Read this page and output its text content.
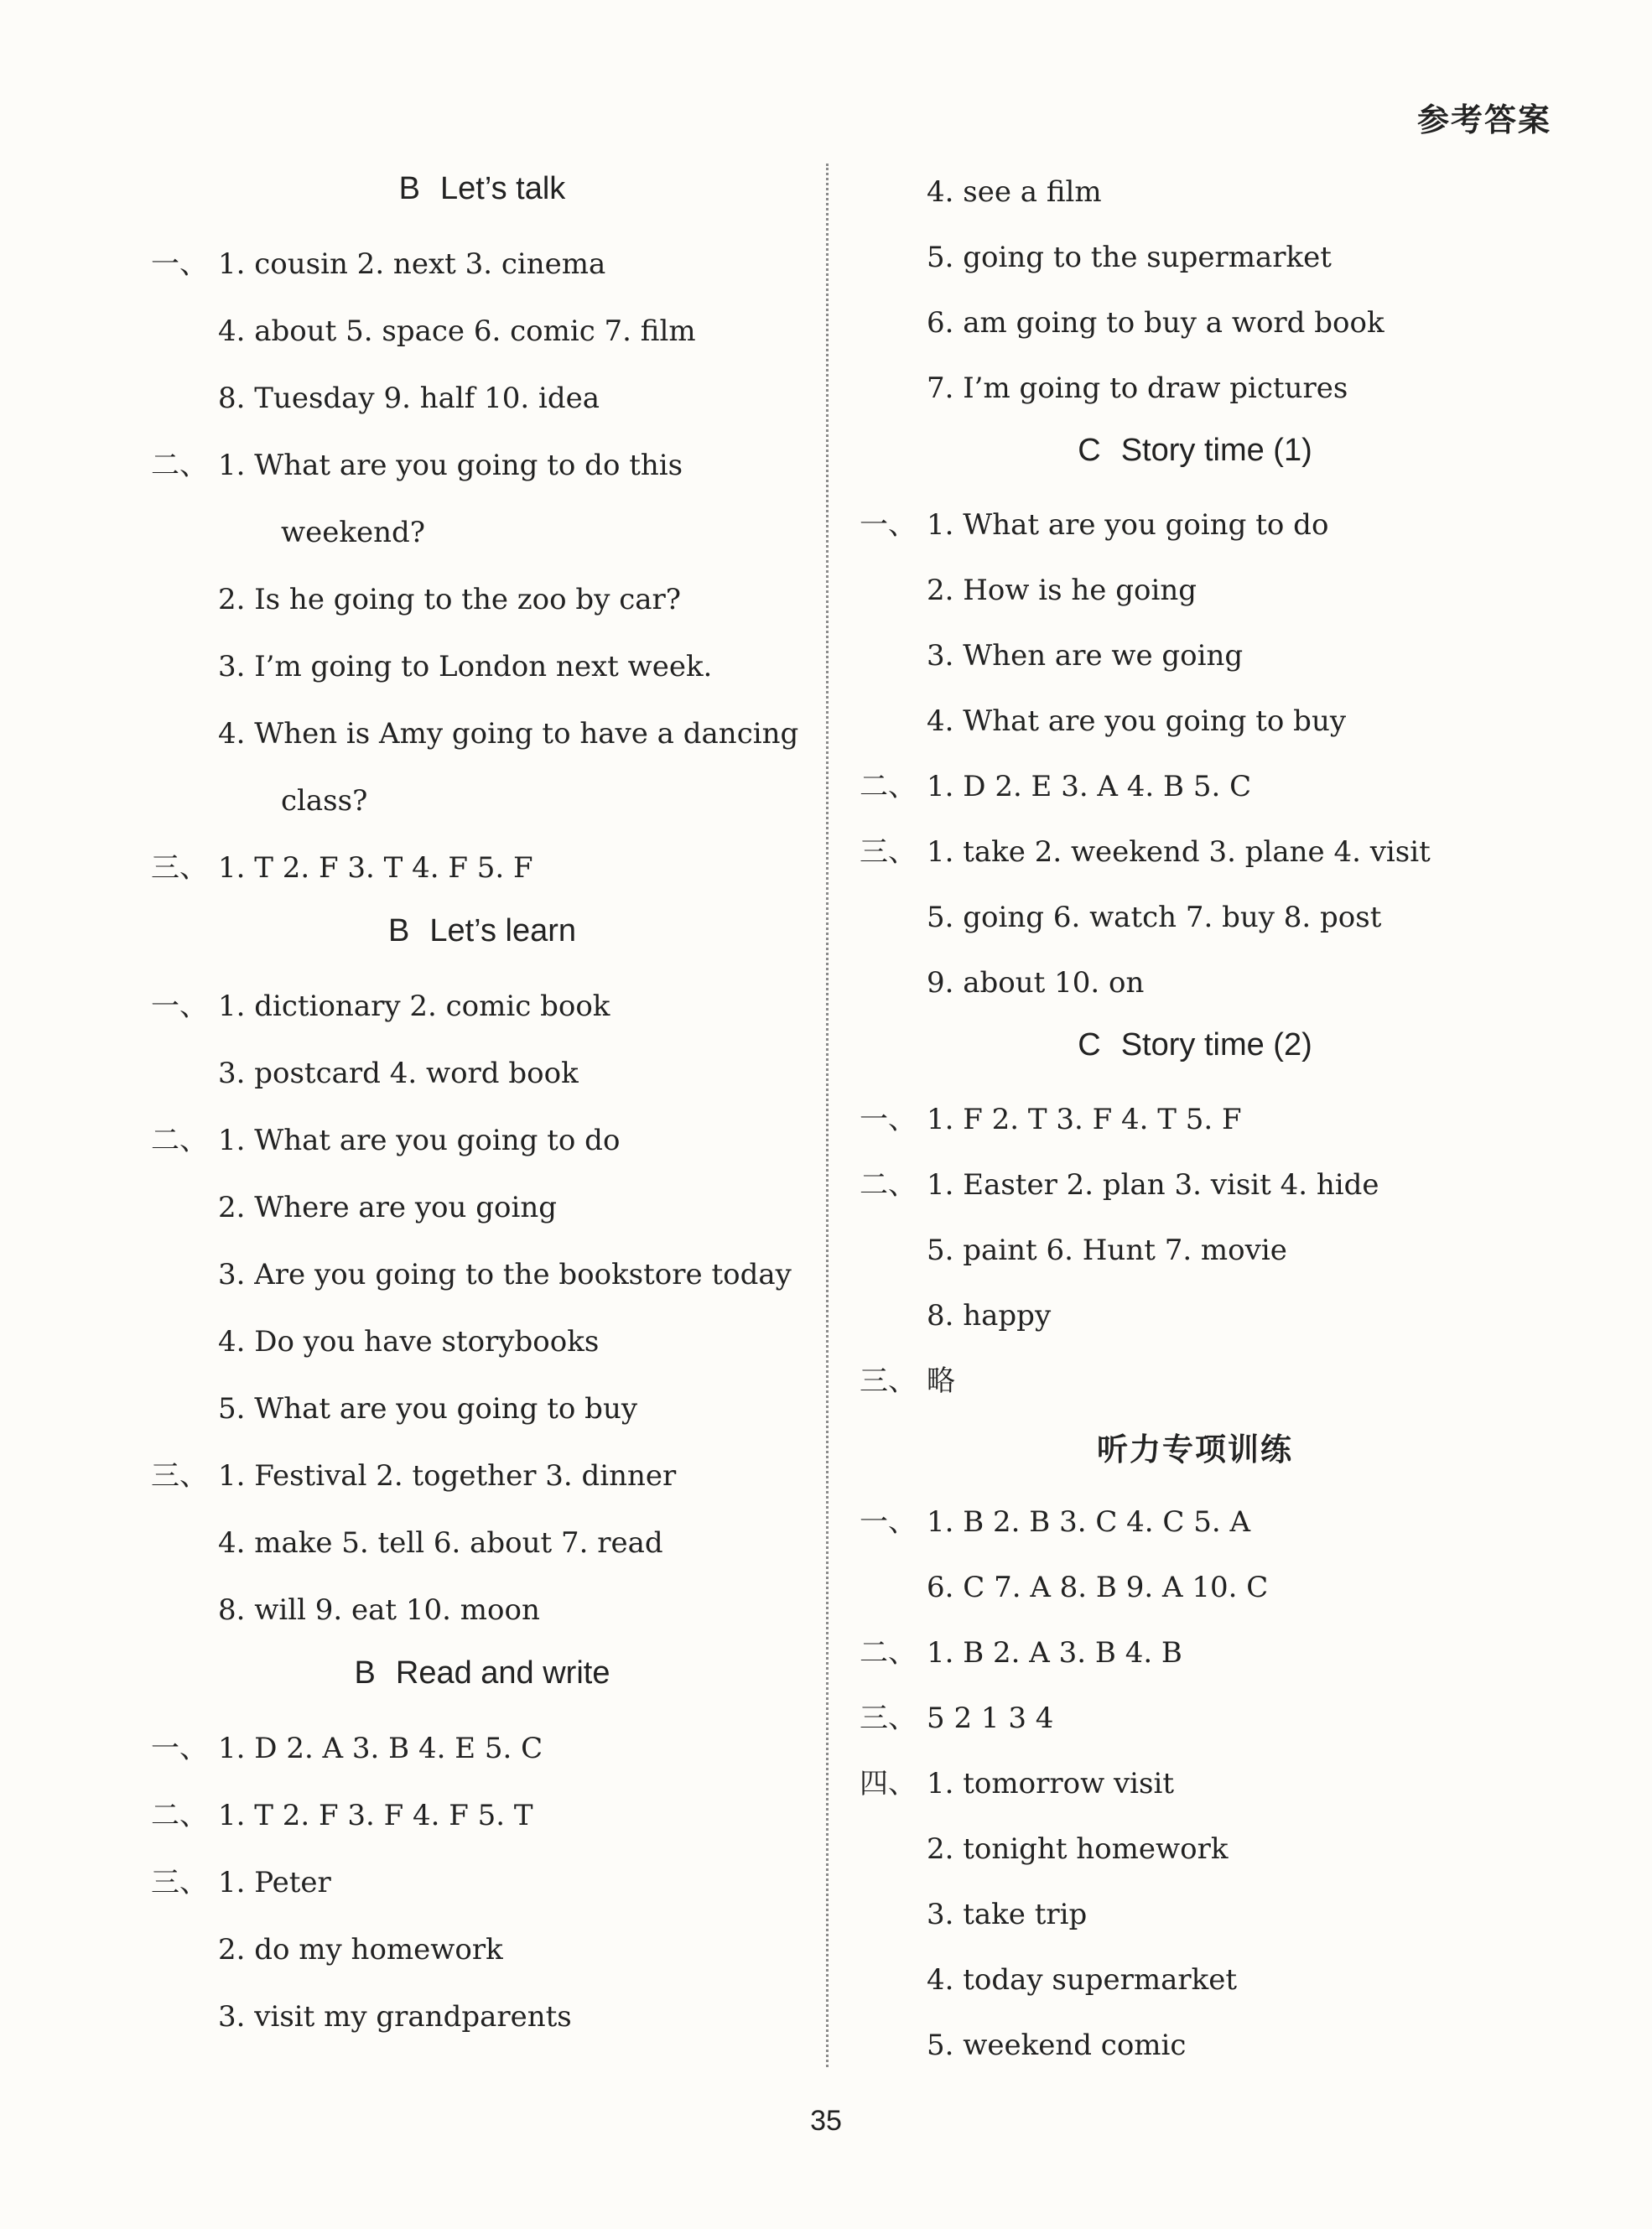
参考答案
B Let’s talk
一、 1. cousin 2. next 3. cinema
4. about 5. space 6. comic 7. film
8. Tuesday 9. half 10. idea
二、 1. What are you going to do this
weekend?
2. Is he going to the zoo by car?
3. I’m going to London next week.
4. When is Amy going to have a dancing
class?
三、 1. T 2. F 3. T 4. F 5. F
B Let’s learn
一、 1. dictionary 2. comic book
3. postcard 4. word book
二、 1. What are you going to do
2. Where are you going
3. Are you going to the bookstore today
4. Do you have storybooks
5. What are you going to buy
三、 1. Festival 2. together 3. dinner
4. make 5. tell 6. about 7. read
8. will 9. eat 10. moon
B Read and write
一、 1. D 2. A 3. B 4. E 5. C
二、 1. T 2. F 3. F 4. F 5. T
三、 1. Peter
2. do my homework
3. visit my grandparents
4. see a film
5. going to the supermarket
6. am going to buy a word book
7. I’m going to draw pictures
C Story time (1)
一、 1. What are you going to do
2. How is he going
3. When are we going
4. What are you going to buy
二、 1. D 2. E 3. A 4. B 5. C
三、 1. take 2. weekend 3. plane 4. visit
5. going 6. watch 7. buy 8. post
9. about 10. on
C Story time (2)
一、 1. F 2. T 3. F 4. T 5. F
二、 1. Easter 2. plan 3. visit 4. hide
5. paint 6. Hunt 7. movie
8. happy
三、 略
听力专项训练
一、 1. B 2. B 3. C 4. C 5. A
6. C 7. A 8. B 9. A 10. C
二、 1. B 2. A 3. B 4. B
三、 5 2 1 3 4
四、 1. tomorrow visit
2. tonight homework
3. take trip
4. today supermarket
5. weekend comic
35
